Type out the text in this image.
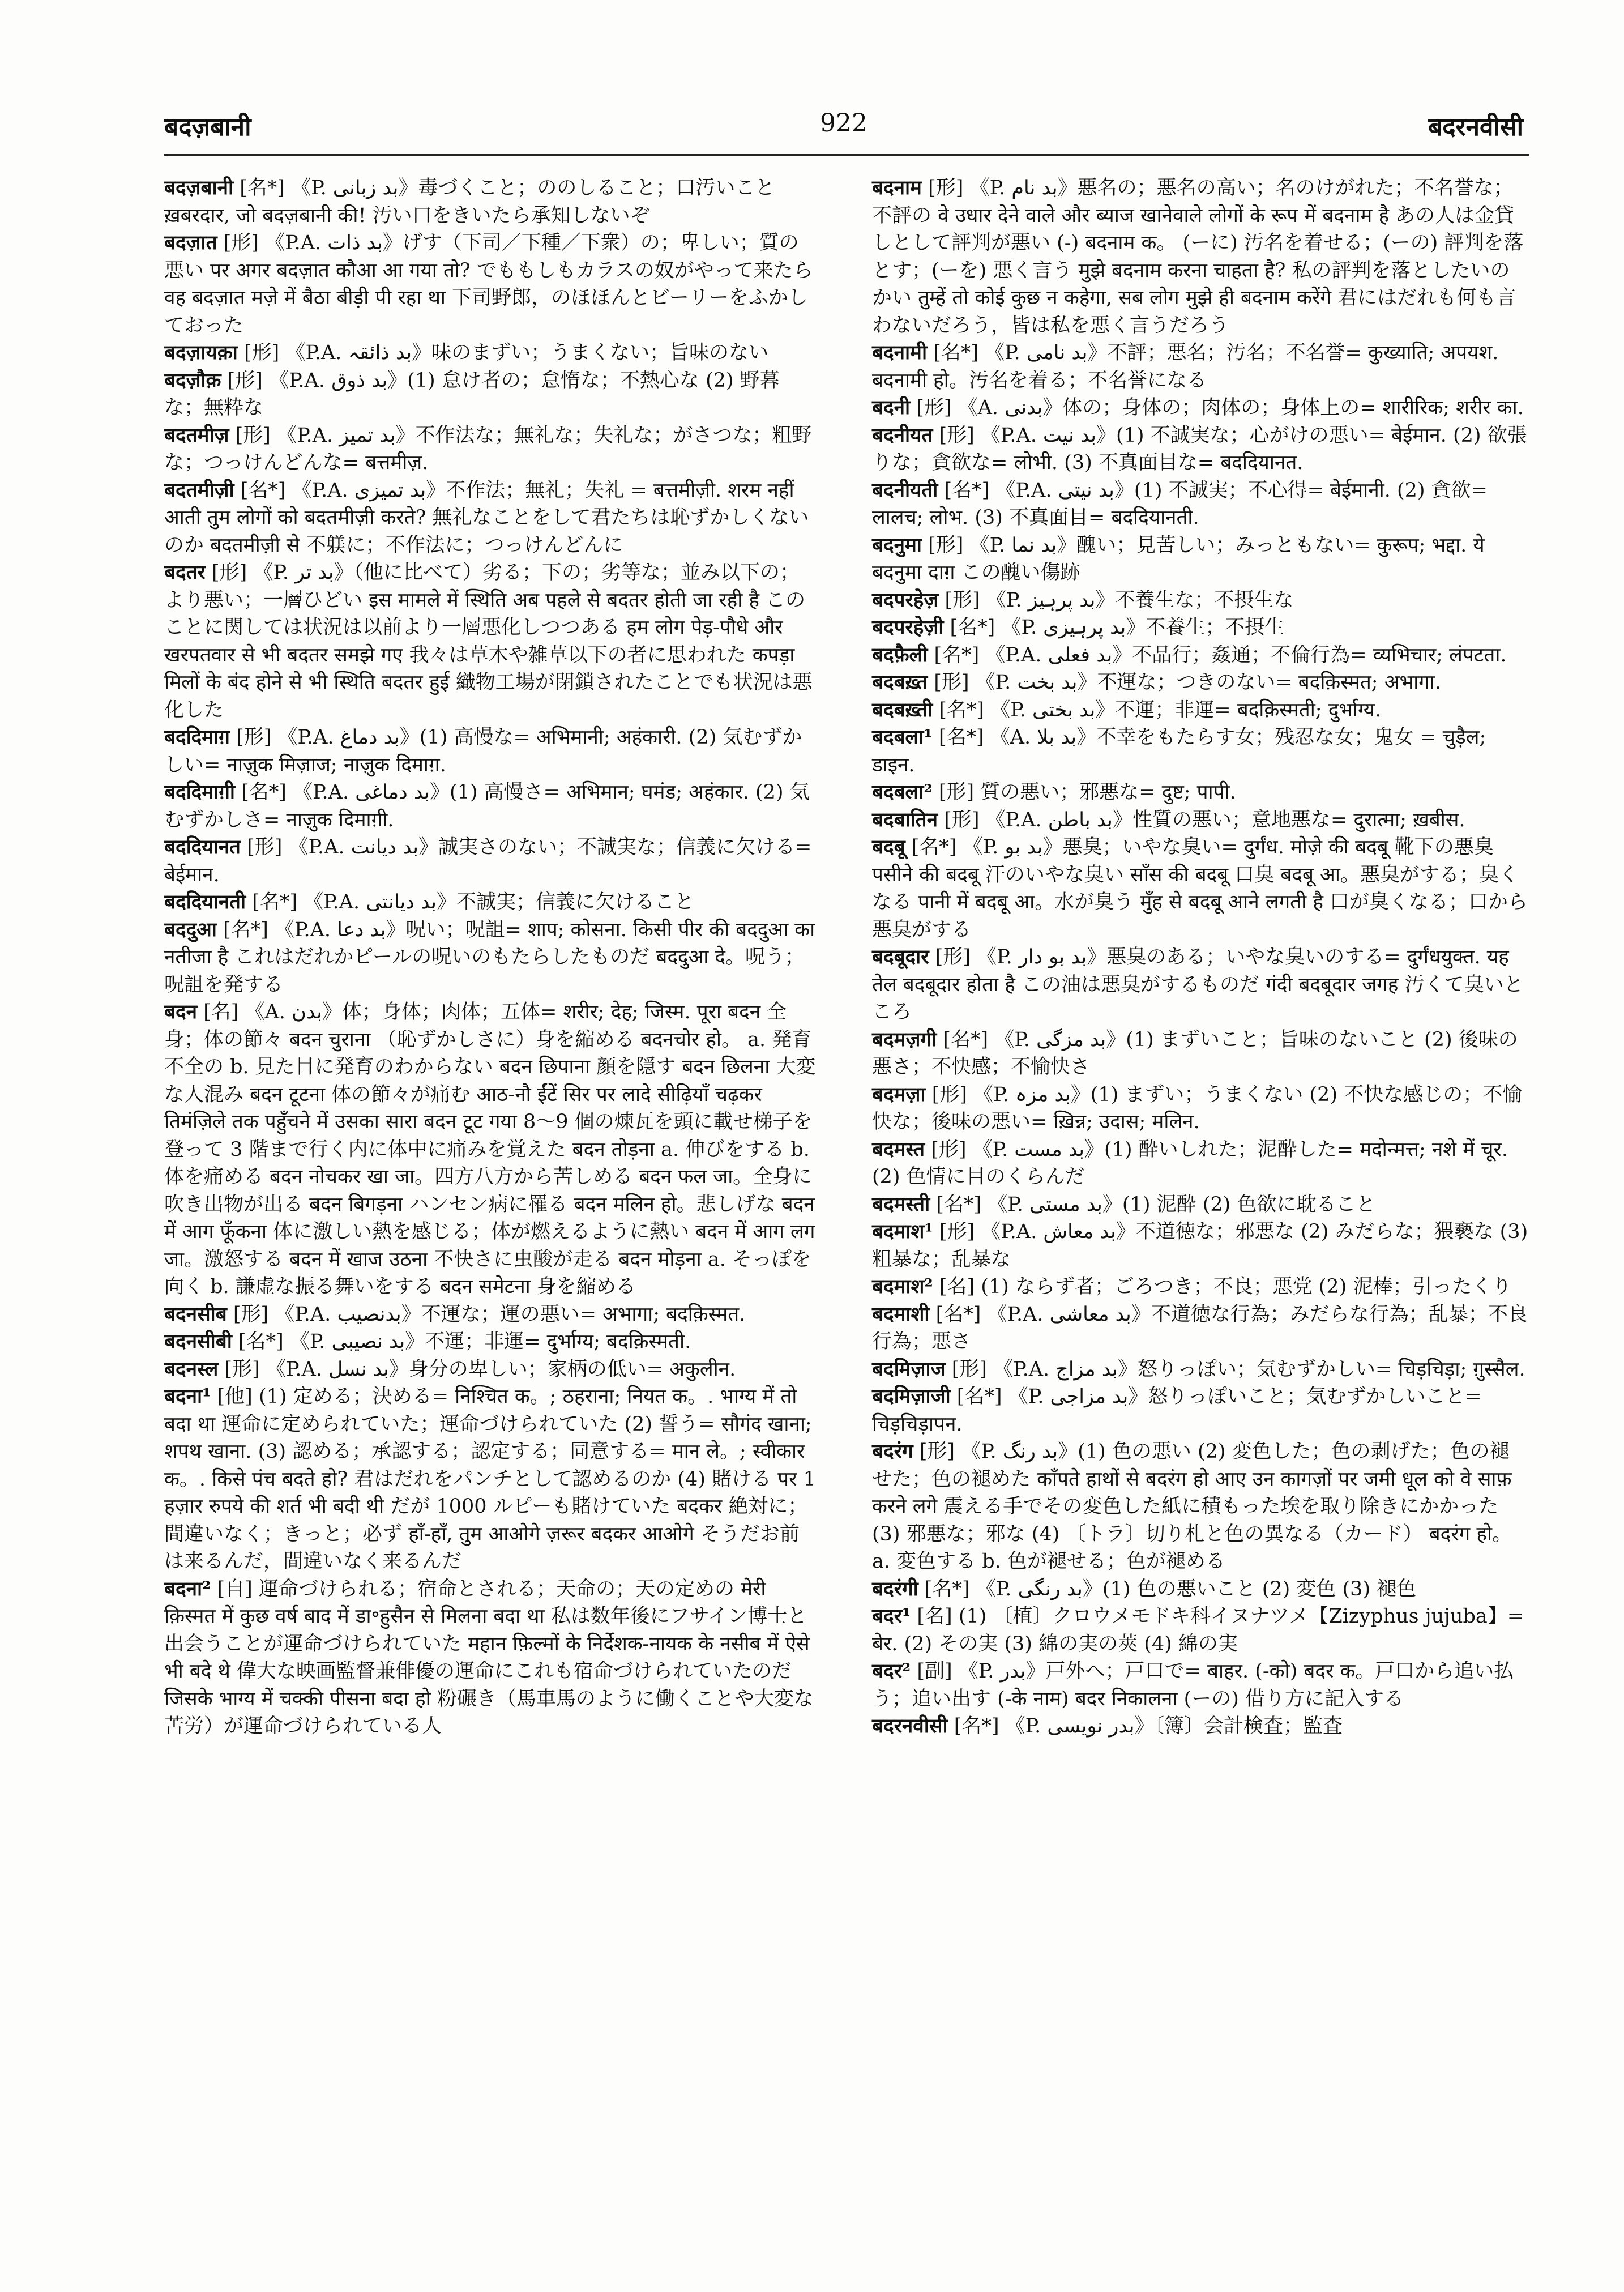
बदज़बानी	922	बदरनवीसी

बदज़बानी [名*] 《P. بد زبانی》毒づくこと；ののしること；口汚いこと ख़बरदार, जो बदज़बानी की! 汚い口をきいたら承知しないぞ

बदज़ात [形] 《P.A. بد ذات》げす（下司／下種／下衆）の；卑しい；質の悪い पर अगर बदज़ात कौआ आ गया तो? でももしもカラスの奴がやって来たら वह बदज़ात मज़े में बैठा बीड़ी पी रहा था 下司野郎，のほほんとビーリーをふかしておった

बदज़ायक़ा [形] 《P.A. بد ذائقہ》味のまずい；うまくない；旨味のない

बदज़ौक़ [形] 《P.A. بد ذوق》(1) 怠け者の；怠惰な；不熱心な (2) 野暮な；無粋な

बदतमीज़ [形] 《P.A. بد تمیز》不作法な；無礼な；失礼な；がさつな；粗野な；つっけんどんな= बत्तमीज़.

बदतमीज़ी [名*] 《P.A. بد تمیزی》不作法；無礼；失礼 = बत्तमीज़ी. शरम नहीं आती तुम लोगों को बदतमीज़ी करते? 無礼なことをして君たちは恥ずかしくないのか बदतमीज़ी से 不躾に；不作法に；つっけんどんに

बदतर [形] 《P. بد تر》（他に比べて）劣る；下の；劣等な；並み以下の；より悪い；一層ひどい इस मामले में स्थिति अब पहले से बदतर होती जा रही है このことに関しては状況は以前より一層悪化しつつある हम लोग पेड़-पौधे और खरपतवार से भी बदतर समझे गए 我々は草木や雑草以下の者に思われた कपड़ा मिलों के बंद होने से भी स्थिति बदतर हुई 織物工場が閉鎖されたことでも状況は悪化した

बददिमाग़ [形] 《P.A. بد دماغ》(1) 高慢な= अभिमानी; अहंकारी. (2) 気むずかしい= नाज़ुक मिज़ाज; नाज़ुक दिमाग़.

बददिमाग़ी [名*] 《P.A. بد دماغی》(1) 高慢さ= अभिमान; घमंड; अहंकार. (2) 気むずかしさ= नाज़ुक दिमाग़ी.

बददियानत [形] 《P.A. بد دیانت》誠実さのない；不誠実な；信義に欠ける= बेईमान.

बददियानती [名*] 《P.A. بد دیانتی》不誠実；信義に欠けること

बददुआ [名*] 《P.A. بد دعا》呪い；呪詛= शाप; कोसना. किसी पीर की बददुआ का नतीजा है これはだれかピールの呪いのもたらしたものだ बददुआ दे。呪う；呪詛を発する

बदन [名] 《A. بدن》体；身体；肉体；五体= शरीर; देह; जिस्म. पूरा बदन 全身；体の節々 बदन चुराना （恥ずかしさに）身を縮める बदनचोर हो。 a. 発育不全の b. 見た目に発育のわからない बदन छिपाना 顔を隠す बदन छिलना 大変な人混み बदन टूटना 体の節々が痛む आठ-नौ ईंटें सिर पर लादे सीढ़ियाँ चढ़कर तिमंज़िले तक पहुँचने में उसका सारा बदन टूट गया 8～9 個の煉瓦を頭に載せ梯子を登って 3 階まで行く内に体中に痛みを覚えた बदन तोड़ना a. 伸びをする b. 体を痛める बदन नोचकर खा जा。四方八方から苦しめる बदन फल जा。全身に吹き出物が出る बदन बिगड़ना ハンセン病に罹る बदन मलिन हो。悲しげな बदन में आग फूँकना 体に激しい熱を感じる；体が燃えるように熱い बदन में आग लग जा。激怒する बदन में खाज उठना 不快さに虫酸が走る बदन मोड़ना a. そっぽを向く b. 謙虚な振る舞いをする बदन समेटना 身を縮める

बदनसीब [形] 《P.A. بدنصیب》不運な；運の悪い= अभागा; बदक़िस्मत.

बदनसीबी [名*] 《P. بد نصیبی》不運；非運= दुर्भाग्य; बदक़िस्मती.

बदनस्ल [形] 《P.A. بد نسل》身分の卑しい；家柄の低い= अकुलीन.

बदना¹ [他] (1) 定める；決める= निश्चित क。; ठहराना; नियत क。. भाग्य में तो बदा था 運命に定められていた；運命づけられていた (2) 誓う= सौगंद खाना; शपथ खाना. (3) 認める；承認する；認定する；同意する= मान ले。; स्वीकार क。. किसे पंच बदते हो? 君はだれをパンチとして認めるのか (4) 賭ける पर 1 हज़ार रुपये की शर्त भी बदी थी だが 1000 ルピーも賭けていた बदकर 絶対に；間違いなく；きっと；必ず हाँ-हाँ, तुम आओगे ज़रूर बदकर आओगे そうだお前は来るんだ，間違いなく来るんだ

बदना² [自] 運命づけられる；宿命とされる；天命の；天の定めの मेरी क़िस्मत में कुछ वर्ष बाद में डा॰हुसैन से मिलना बदा था 私は数年後にフサイン博士と出会うことが運命づけられていた महान फ़िल्मों के निर्देशक-नायक के नसीब में ऐसे भी बदे थे 偉大な映画監督兼俳優の運命にこれも宿命づけられていたのだ जिसके भाग्य में चक्की पीसना बदा हो 粉碾き（馬車馬のように働くことや大変な苦労）が運命づけられている人

बदनाम [形] 《P. بد نام》悪名の；悪名の高い；名のけがれた；不名誉な；不評の वे उधार देने वाले और ब्याज खानेवाले लोगों के रूप में बदनाम है あの人は金貸しとして評判が悪い (-) बदनाम क。 (ーに) 汚名を着せる；(ーの) 評判を落とす；(ーを) 悪く言う मुझे बदनाम करना चाहता है? 私の評判を落としたいのかい तुम्हें तो कोई कुछ न कहेगा, सब लोग मुझे ही बदनाम करेंगे 君にはだれも何も言わないだろう，皆は私を悪く言うだろう

बदनामी [名*] 《P. بد نامی》不評；悪名；汚名；不名誉= कुख्याति; अपयश. बदनामी हो。汚名を着る；不名誉になる

बदनी [形] 《A. بدنی》体の；身体の；肉体の；身体上の= शारीरिक; शरीर का.

बदनीयत [形] 《P.A. بد نیت》(1) 不誠実な；心がけの悪い= बेईमान. (2) 欲張りな；貪欲な= लोभी. (3) 不真面目な= बददियानत.

बदनीयती [名*] 《P.A. بد نیتی》(1) 不誠実；不心得= बेईमानी. (2) 貪欲= लालच; लोभ. (3) 不真面目= बददियानती.

बदनुमा [形] 《P. بد نما》醜い；見苦しい；みっともない= कुरूप; भद्दा. ये बदनुमा दाग़ この醜い傷跡

बदपरहेज़ [形] 《P. بد پرہیز》不養生な；不摂生な

बदपरहेज़ी [名*] 《P. بد پرہیزی》不養生；不摂生

बदफ़ैली [名*] 《P.A. بد فعلی》不品行；姦通；不倫行為= व्यभिचार; लंपटता.

बदबख़्त [形] 《P. بد بخت》不運な；つきのない= बदक़िस्मत; अभागा.

बदबख़्ती [名*] 《P. بد بختی》不運；非運= बदक़िस्मती; दुर्भाग्य.

बदबला¹ [名*] 《A. بد بلا》不幸をもたらす女；残忍な女；鬼女 = चुड़ैल; डाइन.

बदबला² [形] 質の悪い；邪悪な= दुष्ट; पापी.

बदबातिन [形] 《P.A. بد باطن》性質の悪い；意地悪な= दुरात्मा; ख़बीस.

बदबू [名*] 《P. بد بو》悪臭；いやな臭い= दुर्गंध. मोज़े की बदबू 靴下の悪臭 पसीने की बदबू 汗のいやな臭い साँस की बदबू 口臭 बदबू आ。悪臭がする；臭くなる पानी में बदबू आ。水が臭う मुँह से बदबू आने लगती है 口が臭くなる；口から悪臭がする

बदबूदार [形] 《P. بد بو دار》悪臭のある；いやな臭いのする= दुर्गंधयुक्त. यह तेल बदबूदार होता है この油は悪臭がするものだ गंदी बदबूदार जगह 汚くて臭いところ

बदमज़गी [名*] 《P. بد مزگی》(1) まずいこと；旨味のないこと (2) 後味の悪さ；不快感；不愉快さ

बदमज़ा [形] 《P. بد مزہ》(1) まずい；うまくない (2) 不快な感じの；不愉快な；後味の悪い= ख़िन्न; उदास; मलिन.

बदमस्त [形] 《P. بد مست》(1) 酔いしれた；泥酔した= मदोन्मत्त; नशे में चूर. (2) 色情に目のくらんだ

बदमस्ती [名*] 《P. بد مستی》(1) 泥酔 (2) 色欲に耽ること

बदमाश¹ [形] 《P.A. بد معاش》不道徳な；邪悪な (2) みだらな；猥褻な (3) 粗暴な；乱暴な

बदमाश² [名] (1) ならず者；ごろつき；不良；悪党 (2) 泥棒；引ったくり

बदमाशी [名*] 《P.A. بد معاشی》不道徳な行為；みだらな行為；乱暴；不良行為；悪さ

बदमिज़ाज [形] 《P.A. بد مزاج》怒りっぽい；気むずかしい= चिड़चिड़ा; ग़ुस्सैल.

बदमिज़ाजी [名*] 《P. بد مزاجی》怒りっぽいこと；気むずかしいこと= चिड़चिड़ापन.

बदरंग [形] 《P. بد رنگ》(1) 色の悪い (2) 変色した；色の剥げた；色の褪せた；色の褪めた काँपते हाथों से बदरंग हो आए उन कागज़ों पर जमी धूल को वे साफ़ करने लगे 震える手でその変色した紙に積もった埃を取り除きにかかった (3) 邪悪な；邪な (4) 〔トラ〕切り札と色の異なる（カード） बदरंग हो。 a. 変色する b. 色が褪せる；色が褪める

बदरंगी [名*] 《P. بد رنگی》(1) 色の悪いこと (2) 変色 (3) 褪色

बदर¹ [名] (1) 〔植〕クロウメモドキ科イヌナツメ【Zizyphus jujuba】= बेर. (2) その実 (3) 綿の実の莢 (4) 綿の実

बदर² [副] 《P. بدر》戸外へ；戸口で= बाहर. (-को) बदर क。戸口から追い払う；追い出す (-के नाम) बदर निकालना (ーの) 借り方に記入する

बदरनवीसी [名*] 《P. بدر نویسی》〔簿〕会計検査；監査
